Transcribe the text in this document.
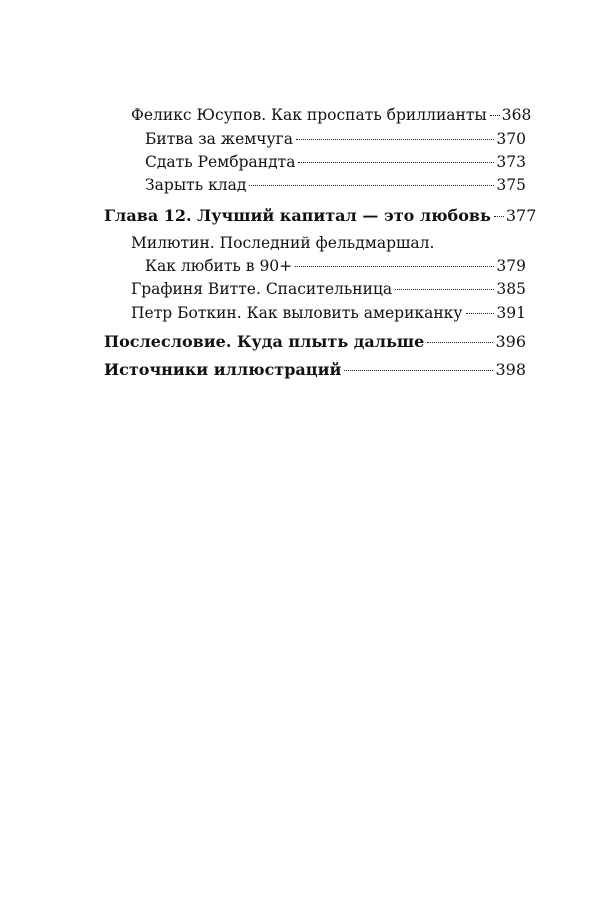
Феликс Юсупов. Как проспать бриллианты 368
Битва за жемчуга	370
Сдать Рембрандта	373
Зарыть клад	375
Глава 12. Лучший капитал — это любовь 377
Милютин. Последний фельдмаршал.
Как любить в 90+	379
Графиня Витте. Спасительница	385
Петр Боткин. Как выловить американку 391
Послесловие. Куда плыть дальше	396
Источники иллюстраций	398
